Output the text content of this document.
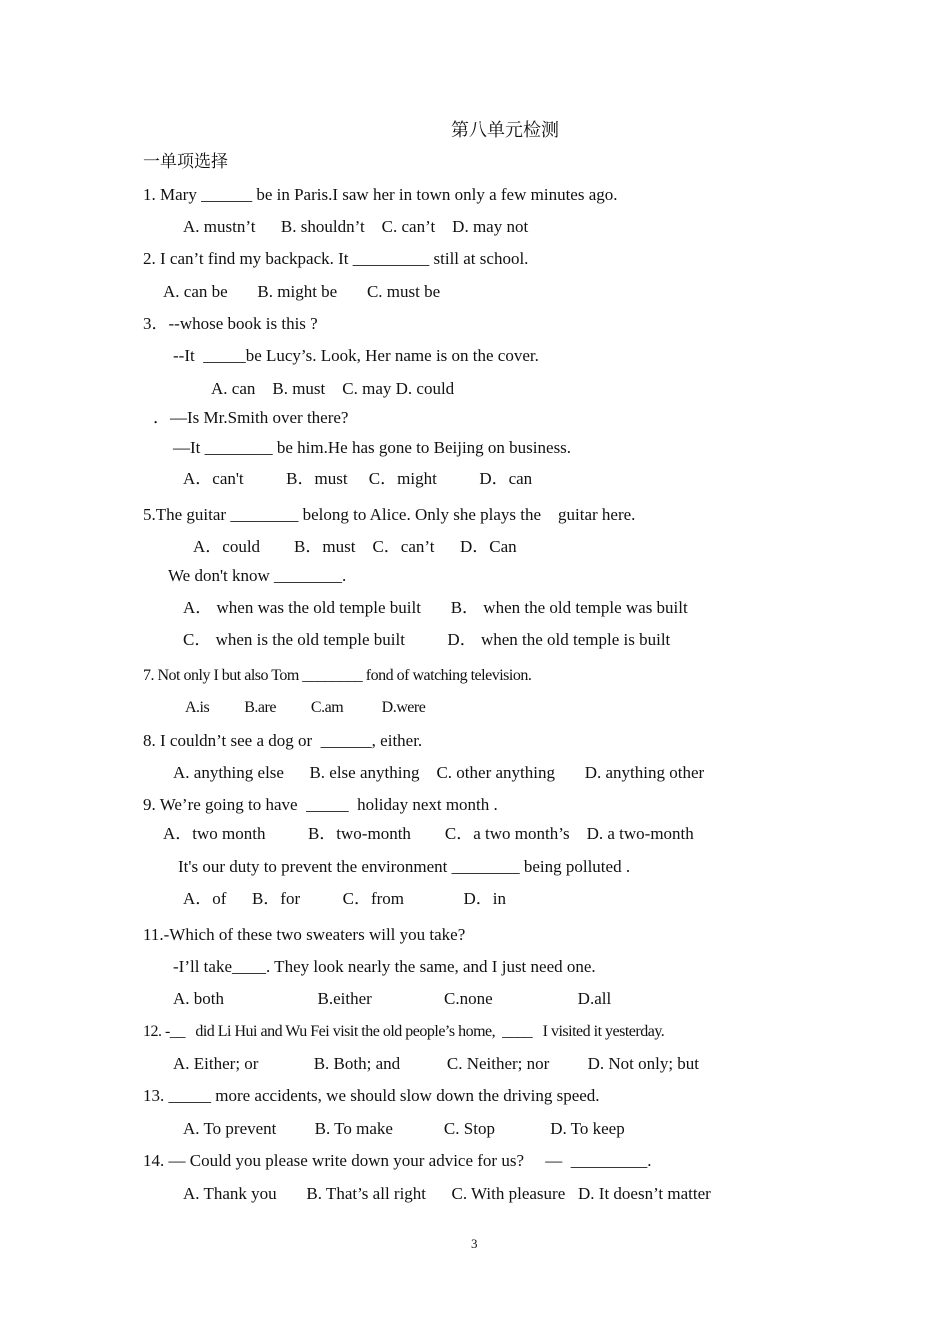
第八单元检测
一单项选择
1. Mary ______ be in Paris.I saw her in town only a few minutes ago.
A. mustn’t      B. shouldn’t    C. can’t    D. may not
2. I can’t find my backpack. It _________ still at school.
A. can be       B. might be       C. must be
3．--whose book is this ?
--It  _____be Lucy’s. Look, Her name is on the cover.
A. can    B. must    C. may D. could
．—Is Mr.Smith over there?
—It ________ be him.He has gone to Beijing on business.
A．can't          B．must     C．might          D．can
5.The guitar ________ belong to Alice. Only she plays the    guitar here.
A．could        B．must    C．can’t      D．Can
We don't know ________.
A． when was the old temple built       B． when the old temple was built
C． when is the old temple built          D． when the old temple is built
7. Not only I but also Tom ________ fond of watching television.
A.is          B.are          C.am           D.were
8. I couldn’t see a dog or  ______, either.
A. anything else      B. else anything    C. other anything       D. anything other
9. We’re going to have  _____  holiday next month .
A．two month          B．two-month        C．a two month’s    D. a two-month
It's our duty to prevent the environment ________ being polluted .
A．of      B．for          C．from              D．in
11.-Which of these two sweaters will you take?
-I’ll take____. They look nearly the same, and I just need one.
A. both                      B.either                 C.none                    D.all
12. -__   did Li Hui and Wu Fei visit the old people’s home,  ____   I visited it yesterday.
A. Either; or             B. Both; and           C. Neither; nor         D. Not only; but
13. _____ more accidents, we should slow down the driving speed.
A. To prevent         B. To make            C. Stop             D. To keep
14. — Could you please write down your advice for us?     —  _________.
A. Thank you       B. That’s all right      C. With pleasure   D. It doesn’t matter
3
